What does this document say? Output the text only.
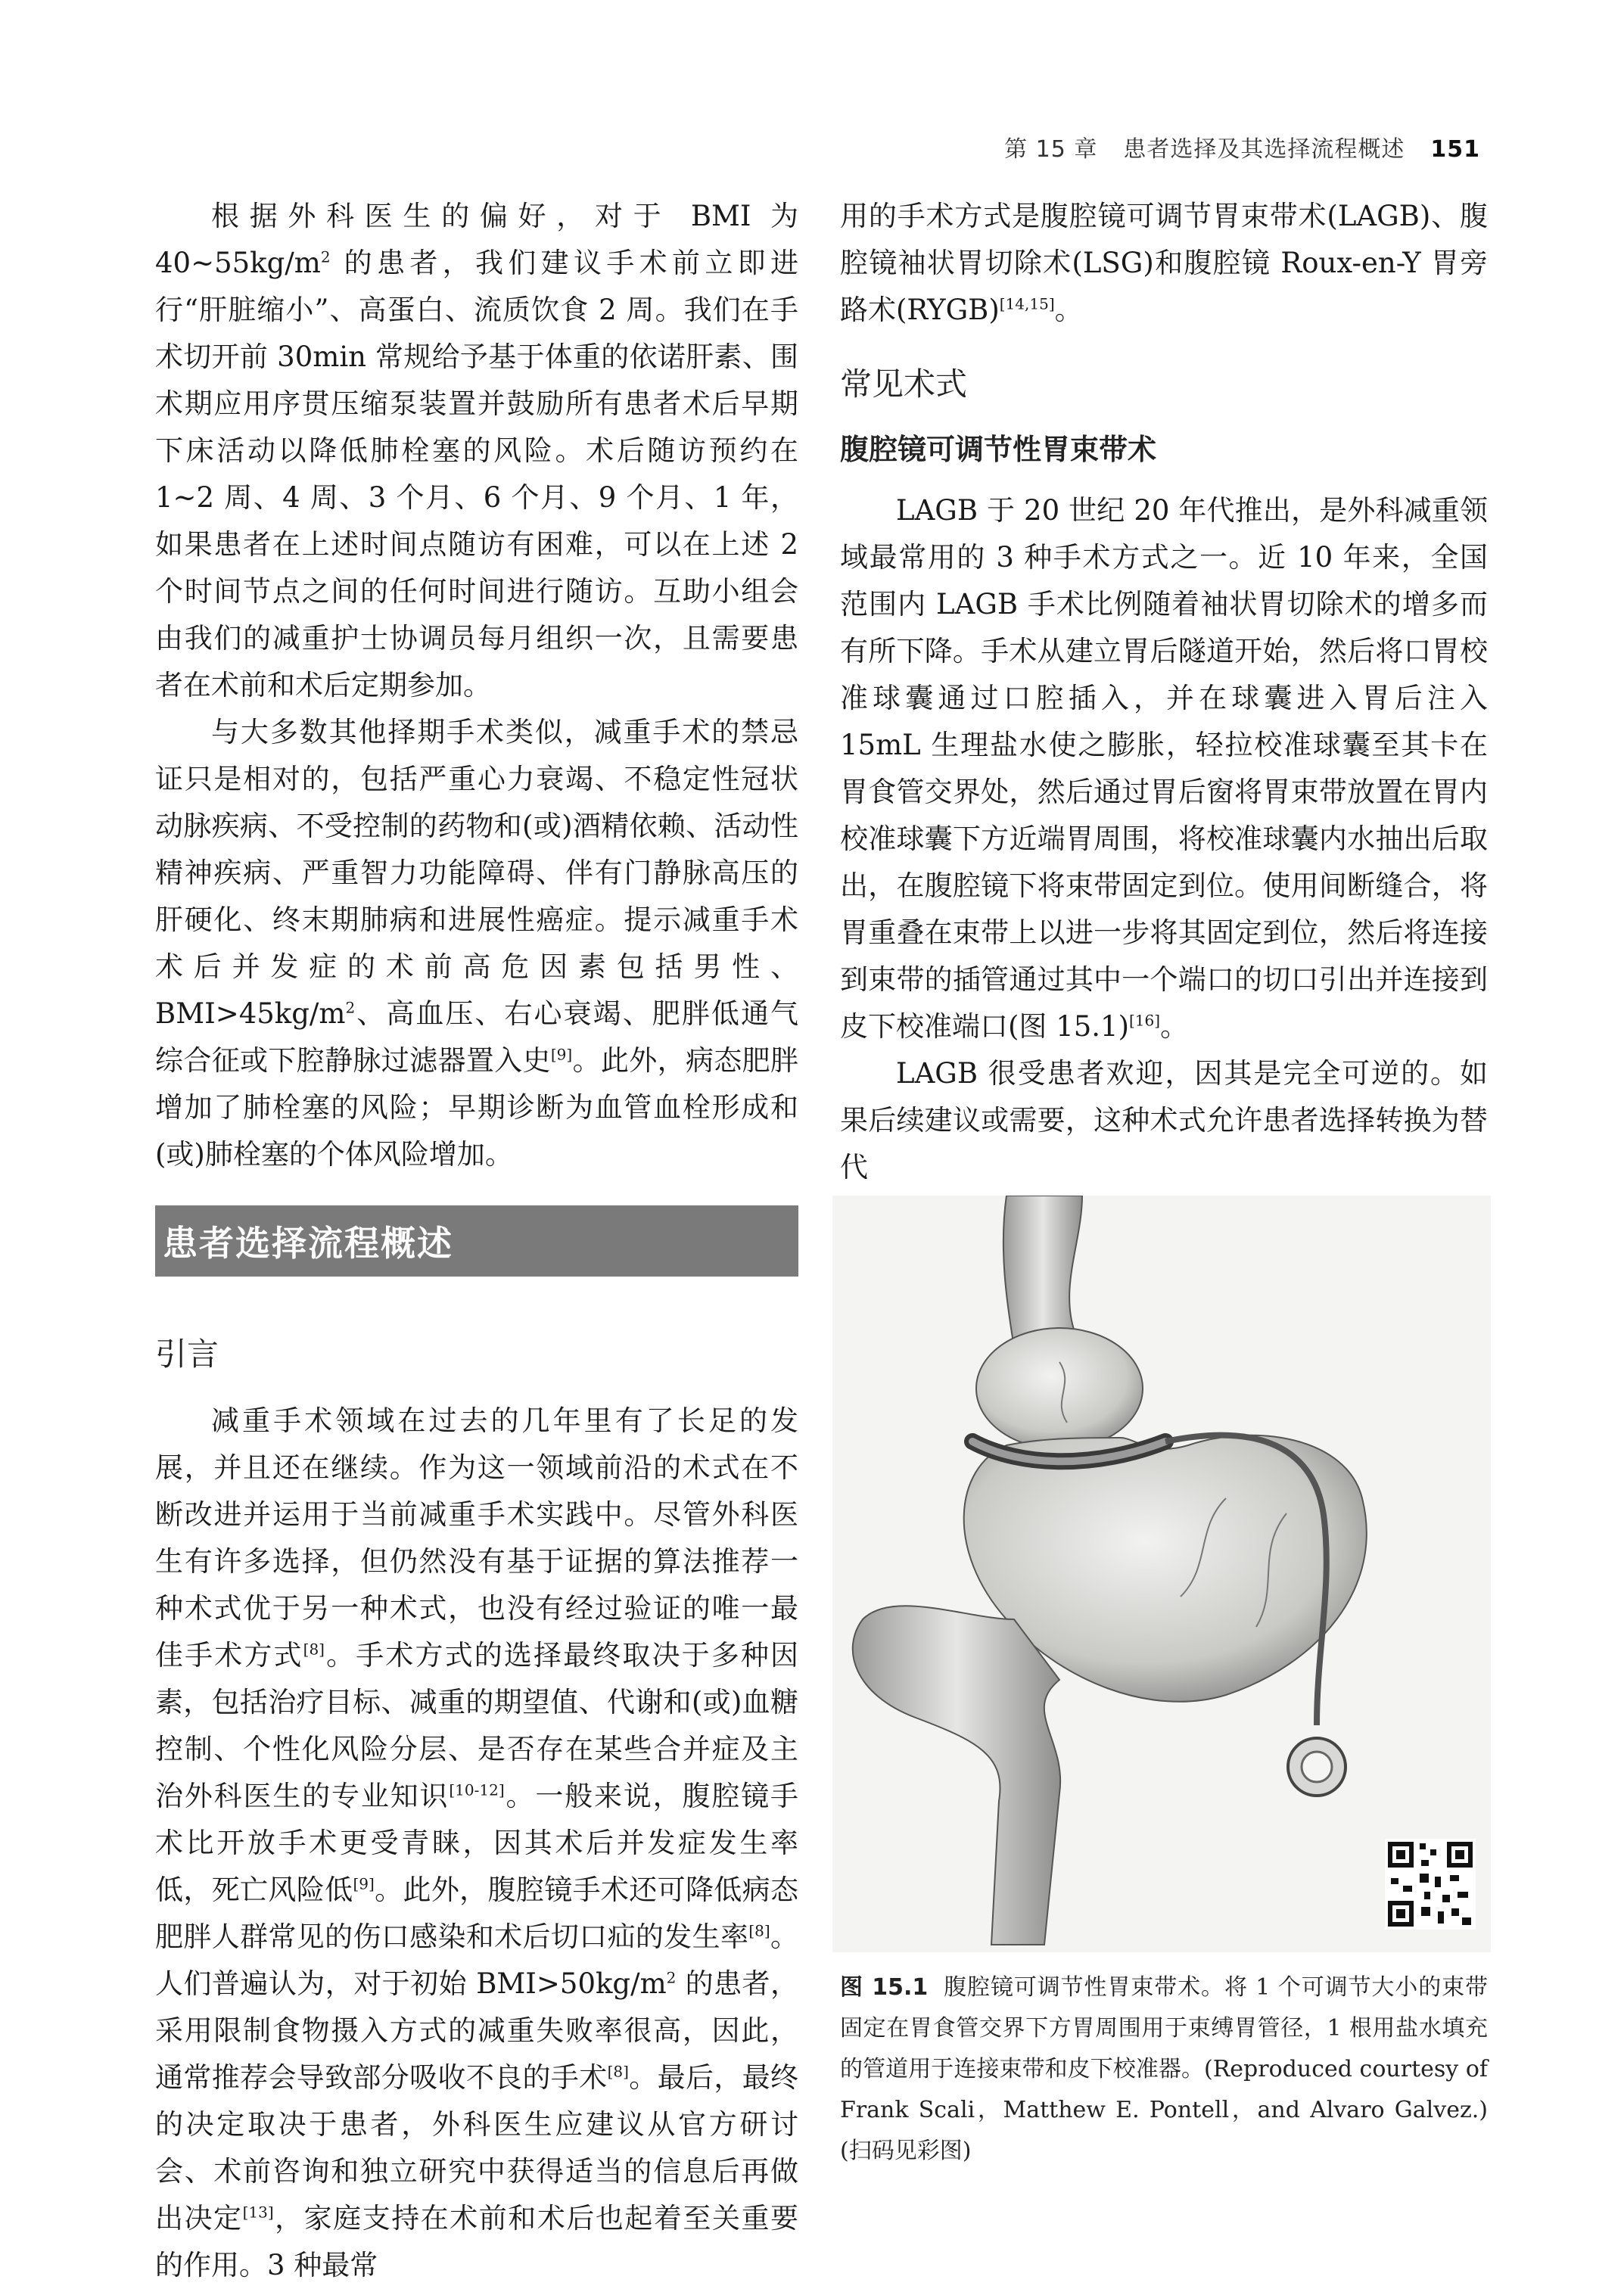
第 15 章 患者选择及其选择流程概述 151

根据外科医生的偏好，对于 BMI 为 $40\sim 55kg/m^2$ 的患者，我们建议手术前立即进行“肝脏缩小”、高蛋白、流质饮食 2 周。我们在手术切开前 30min 常规给予基于体重的依诺肝素、围术期应用序贯压缩泵装置并鼓励所有患者术后早期下床活动以降低肺栓塞的风险。术后随访预约在 1~2 周、4 周、3 个月、6 个月、9 个月、1 年，如果患者在上述时间点随访有困难，可以在上述 2 个时间节点之间的任何时间进行随访。互助小组会由我们的减重护士协调员每月组织一次，且需要患者在术前和术后定期参加。

与大多数其他择期手术类似，减重手术的禁忌证只是相对的，包括严重心力衰竭、不稳定性冠状动脉疾病、不受控制的药物和(或)酒精依赖、活动性精神疾病、严重智力功能障碍、伴有门静脉高压的肝硬化、终末期肺病和进展性癌症。提示减重手术术后并发症的术前高危因素包括男性、$BMI>45kg/m^2$、高血压、右心衰竭、肥胖低通气综合征或下腔静脉过滤器置入史[9]。此外，病态肥胖增加了肺栓塞的风险；早期诊断为血管血栓形成和(或)肺栓塞的个体风险增加。

患者选择流程概述
引言

减重手术领域在过去的几年里有了长足的发展，并且还在继续。作为这一领域前沿的术式在不断改进并运用于当前减重手术实践中。尽管外科医生有许多选择，但仍然没有基于证据的算法推荐一种术式优于另一种术式，也没有经过验证的唯一最佳手术方式[8]。手术方式的选择最终取决于多种因素，包括治疗目标、减重的期望值、代谢和(或)血糖控制、个性化风险分层、是否存在某些合并症及主治外科医生的专业知识[10-12]。一般来说，腹腔镜手术比开放手术更受青睐，因其术后并发症发生率低，死亡风险低[9]。此外，腹腔镜手术还可降低病态肥胖人群常见的伤口感染和术后切口疝的发生率[8]。人们普遍认为，对于初始 $BMI>50kg/m^2$ 的患者，采用限制食物摄入方式的减重失败率很高，因此，通常推荐会导致部分吸收不良的手术[8]。最后，最终的决定取决于患者，外科医生应建议从官方研讨会、术前咨询和独立研究中获得适当的信息后再做出决定[13]，家庭支持在术前和术后也起着至关重要的作用。3 种最常

用的手术方式是腹腔镜可调节胃束带术(LAGB)、腹腔镜袖状胃切除术(LSG)和腹腔镜 Roux-en-Y 胃旁路术(RYGB)[14,15]。

常见术式
腹腔镜可调节性胃束带术

LAGB 于 20 世纪 20 年代推出，是外科减重领域最常用的 3 种手术方式之一。近 10 年来，全国范围内 LAGB 手术比例随着袖状胃切除术的增多而有所下降。手术从建立胃后隧道开始，然后将口胃校准球囊通过口腔插入，并在球囊进入胃后注入 15mL 生理盐水使之膨胀，轻拉校准球囊至其卡在胃食管交界处，然后通过胃后窗将胃束带放置在胃内校准球囊下方近端胃周围，将校准球囊内水抽出后取出，在腹腔镜下将束带固定到位。使用间断缝合，将胃重叠在束带上以进一步将其固定到位，然后将连接到束带的插管通过其中一个端口的切口引出并连接到皮下校准端口(图 15.1)[16]。

LAGB 很受患者欢迎，因其是完全可逆的。如果后续建议或需要，这种术式允许患者选择转换为替代

图 15.1 腹腔镜可调节性胃束带术。将 1 个可调节大小的束带固定在胃食管交界下方胃周围用于束缚胃管径，1 根用盐水填充的管道用于连接束带和皮下校准器。(Reproduced courtesy of Frank Scali，Matthew E. Pontell，and Alvaro Galvez.)(扫码见彩图)
